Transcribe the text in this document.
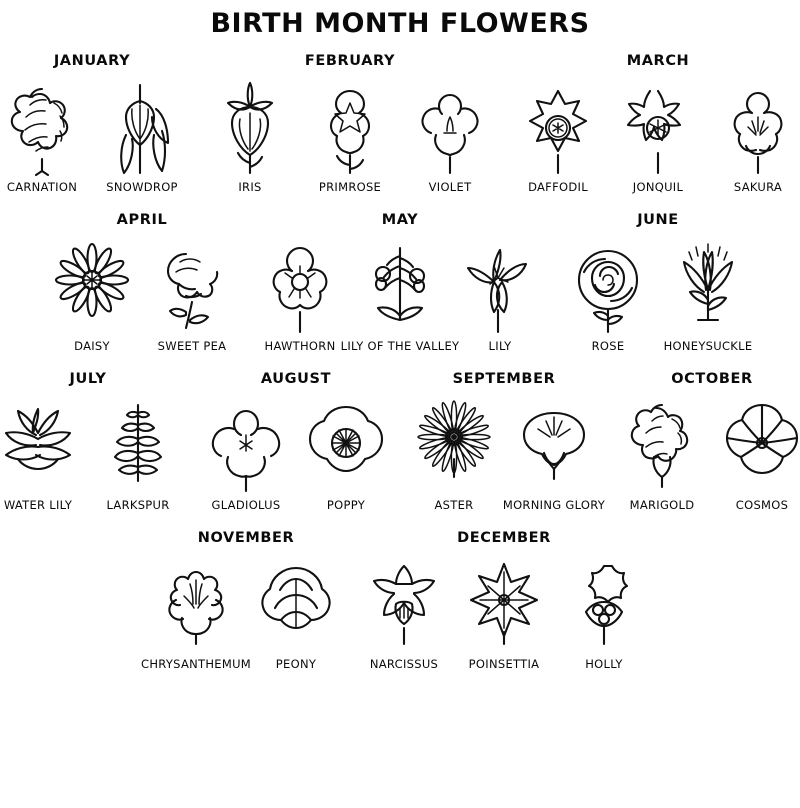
BIRTH MONTH FLOWERS
JANUARY
CARNATION	SNOWDROP
FEBRUARY
IRIS	PRIMROSE	VIOLET
MARCH
DAFFODIL	JONQUIL	SAKURA
APRIL
DAISY	SWEET PEA
MAY
HAWTHORN LILY OF THE VALLEY	LILY
JUNE
ROSE	HONEYSUCKLE
JULY
WATER LILY	LARKSPUR
AUGUST
GLADIOLUS	POPPY
SEPTEMBER
ASTER	MORNING GLORY
OCTOBER
MARIGOLD	COSMOS
NOVEMBER
CHRYSANTHEMUM PEONY
DECEMBER
NARCISSUS	POINSETTIA	HOLLY
